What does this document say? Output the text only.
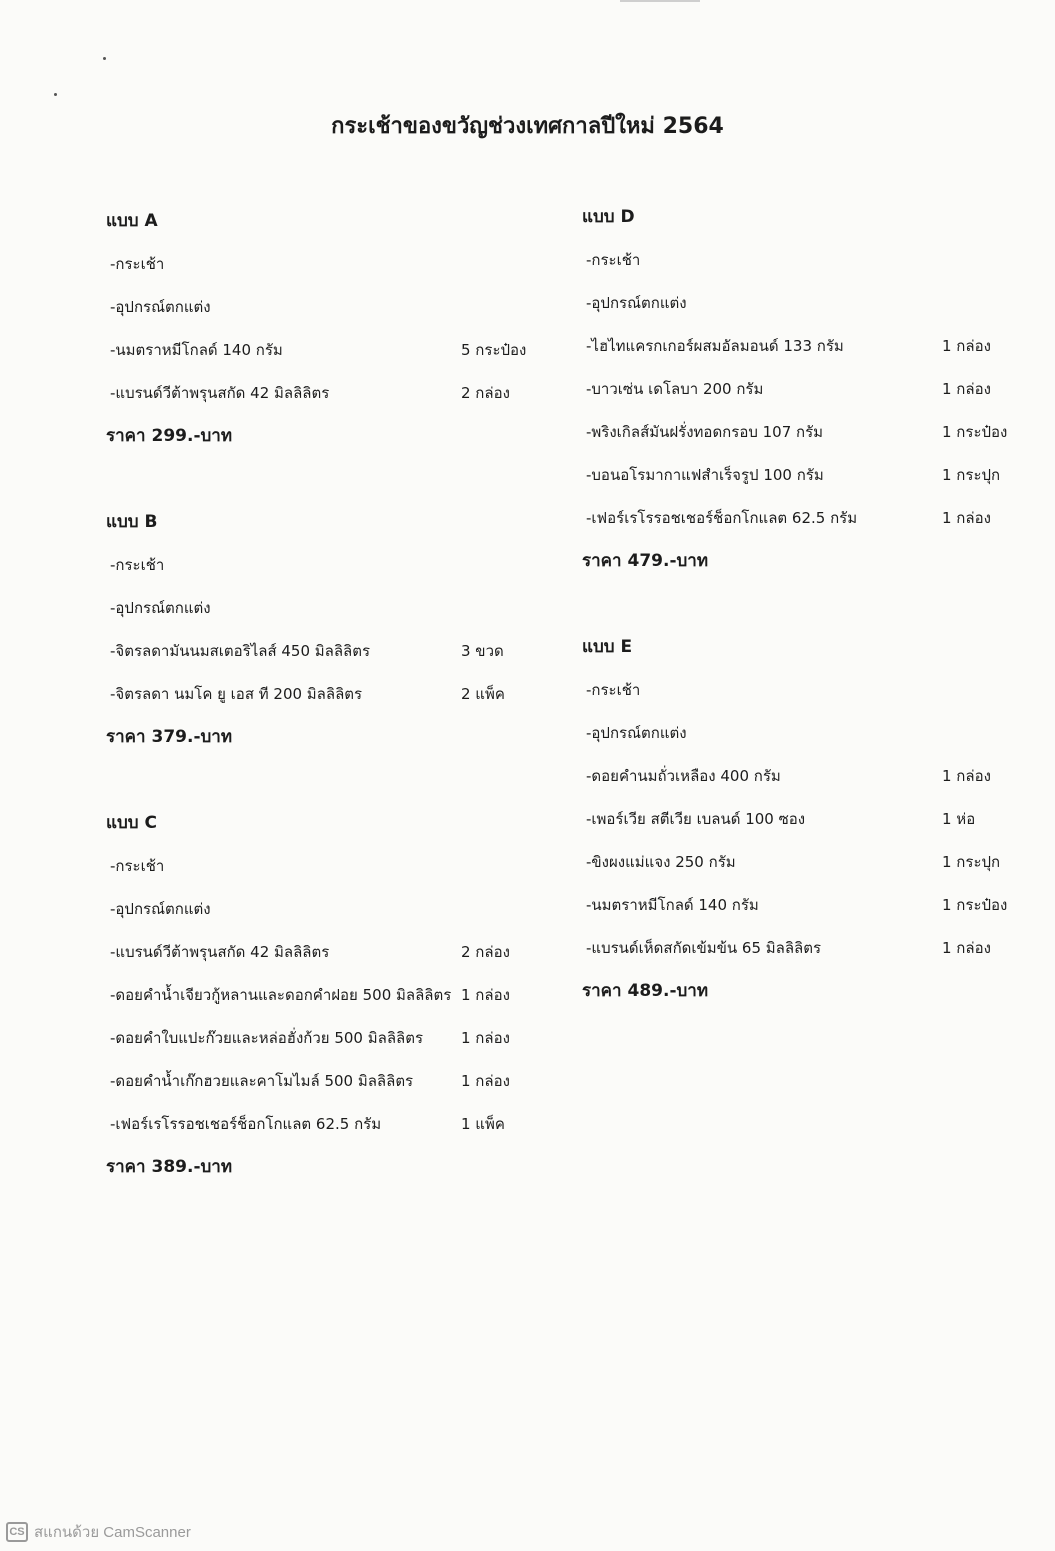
กระเช้าของขวัญช่วงเทศกาลปีใหม่ 2564
แบบ A
-กระเช้า
-อุปกรณ์ตกแต่ง
-นมตราหมีโกลด์ 140 กรัม	5 กระป๋อง
-แบรนด์วีต้าพรุนสกัด 42 มิลลิลิตร	2 กล่อง
ราคา 299.-บาท
แบบ B
-กระเช้า
-อุปกรณ์ตกแต่ง
-จิตรลดามันนมสเตอริไลส์ 450 มิลลิลิตร	3 ขวด
-จิตรลดา นมโค ยู เอส ที 200 มิลลิลิตร	2 แพ็ค
ราคา 379.-บาท
แบบ C
-กระเช้า
-อุปกรณ์ตกแต่ง
-แบรนด์วีต้าพรุนสกัด 42 มิลลิลิตร	2 กล่อง
-ดอยคำน้ำเจียวกู้หลานและดอกคำฝอย 500 มิลลิลิตร 1 กล่อง
-ดอยคำใบแปะก๊วยและหล่อฮั่งก้วย 500 มิลลิลิตร	1 กล่อง
-ดอยคำน้ำเก๊กฮวยและคาโมไมล์ 500 มิลลิลิตร	1 กล่อง
-เฟอร์เรโรรอชเชอร์ช็อกโกแลต 62.5 กรัม	1 แพ็ค
ราคา 389.-บาท
แบบ D
-กระเช้า
-อุปกรณ์ตกแต่ง
-ไฮไทแครกเกอร์ผสมอัลมอนด์ 133 กรัม	1 กล่อง
-บาวเซ่น เดโลบา 200 กรัม	1 กล่อง
-พริงเกิลส์มันฝรั่งทอดกรอบ 107 กรัม	1 กระป๋อง
-บอนอโรมากาแฟสำเร็จรูป 100 กรัม	1 กระปุก
-เฟอร์เรโรรอชเชอร์ช็อกโกแลต 62.5 กรัม	1 กล่อง
ราคา 479.-บาท
แบบ E
-กระเช้า
-อุปกรณ์ตกแต่ง
-ดอยคำนมถั่วเหลือง 400 กรัม	1 กล่อง
-เพอร์เวีย สตีเวีย เบลนด์ 100 ซอง	1 ห่อ
-ขิงผงแม่แจง 250 กรัม	1 กระปุก
-นมตราหมีโกลด์ 140 กรัม	1 กระป๋อง
-แบรนด์เห็ดสกัดเข้มข้น 65 มิลลิลิตร	1 กล่อง
ราคา 489.-บาท
CS สแกนด้วย CamScanner
